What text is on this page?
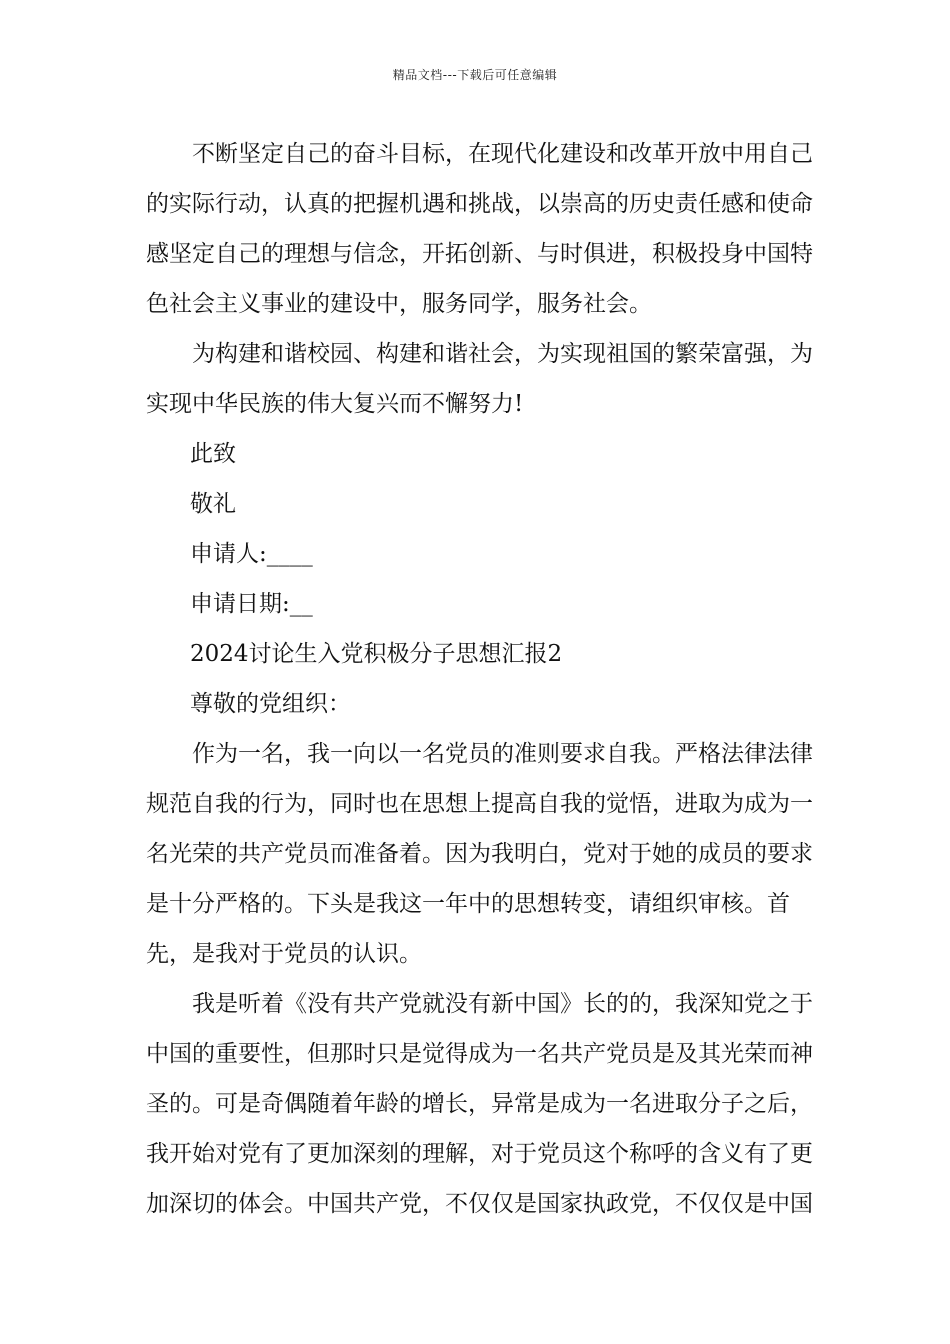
精品文档---下载后可任意编辑

不断坚定自己的奋斗目标，在现代化建设和改革开放中用自己的实际行动，认真的把握机遇和挑战，以崇高的历史责任感和使命感坚定自己的理想与信念，开拓创新、与时俱进，积极投身中国特色社会主义事业的建设中，服务同学，服务社会。

为构建和谐校园、构建和谐社会，为实现祖国的繁荣富强，为实现中华民族的伟大复兴而不懈努力!

此致

敬礼

申请人:____

申请日期:__

2024讨论生入党积极分子思想汇报2

尊敬的党组织：

作为一名，我一向以一名党员的准则要求自我。严格法律法律规范自我的行为，同时也在思想上提高自我的觉悟，进取为成为一名光荣的共产党员而准备着。因为我明白，党对于她的成员的要求是十分严格的。下头是我这一年中的思想转变，请组织审核。首先，是我对于党员的认识。

我是听着《没有共产党就没有新中国》长的的，我深知党之于中国的重要性，但那时只是觉得成为一名共产党员是及其光荣而神圣的。可是奇偶随着年龄的增长，异常是成为一名进取分子之后，我开始对党有了更加深刻的理解，对于党员这个称呼的含义有了更加深切的体会。中国共产党，不仅仅是国家执政党，不仅仅是中国
